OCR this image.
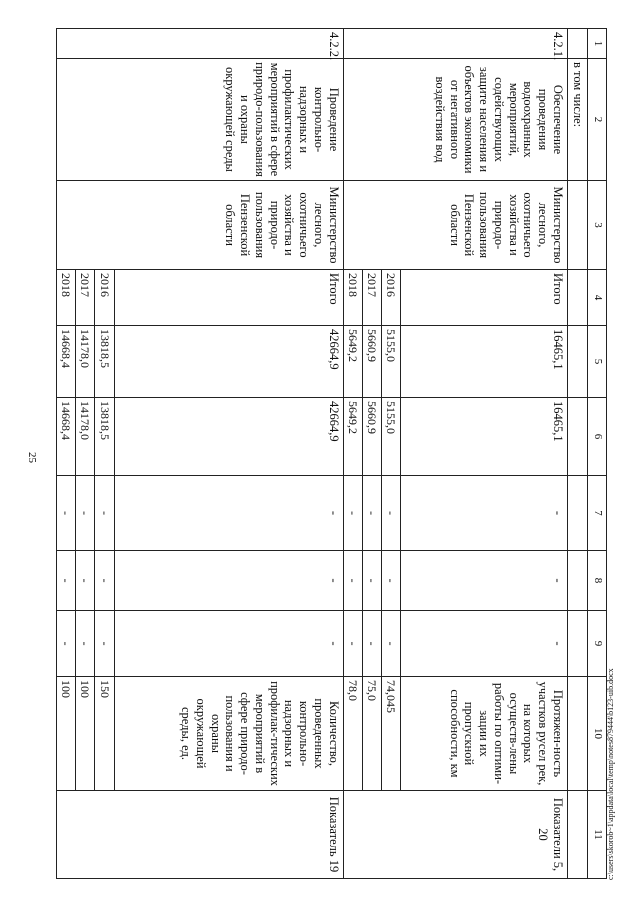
25
1	2	3	4	5	6	7	8	9	10	11
	в том числе:									
4.2.1.	Обеспечение проведения водоохранных мероприятий, содействующих защите населения и объектов экономики от негативного воздействия вод	Министерство лесного, охотничьего хозяйства и природо-пользования Пензенской области	Итого	16465,1	16465,1	-	-	-	Протяжен-ность участков русел рек, на которых осуществ-лены работы по оптими-зации их пропускной способности, км	Показатели 5, 20
			2016	5155,0	5155,0	-	-	-	74,045	
			2017	5660,9	5660,9	-	-	-	75,0	
			2018	5649,2	5649,2	-	-	-	78,0	
4.2.2.	Проведение контрольно-надзорных и профилактических мероприятий в сфере природо-пользования и охраны окружающей среды	Министерство лесного, охотничьего хозяйства и природо-пользования Пензенской области	Итого	42664,9	42664,9	-	-	-	Количество, проведенных контрольно-надзорных и профилак-тических мероприятий в сфере природо-пользования и охраны окружающей среды, ед.	Показатель 19
			2016	13818,5	13818,5	-	-	-	150	
			2017	14178,0	14178,0	-	-	-	100	
			2018	14668,4	14668,4	-	-	-	100		c:\users\skorob~1\appdata\local\temp\notes879444\b123-uib.docx
